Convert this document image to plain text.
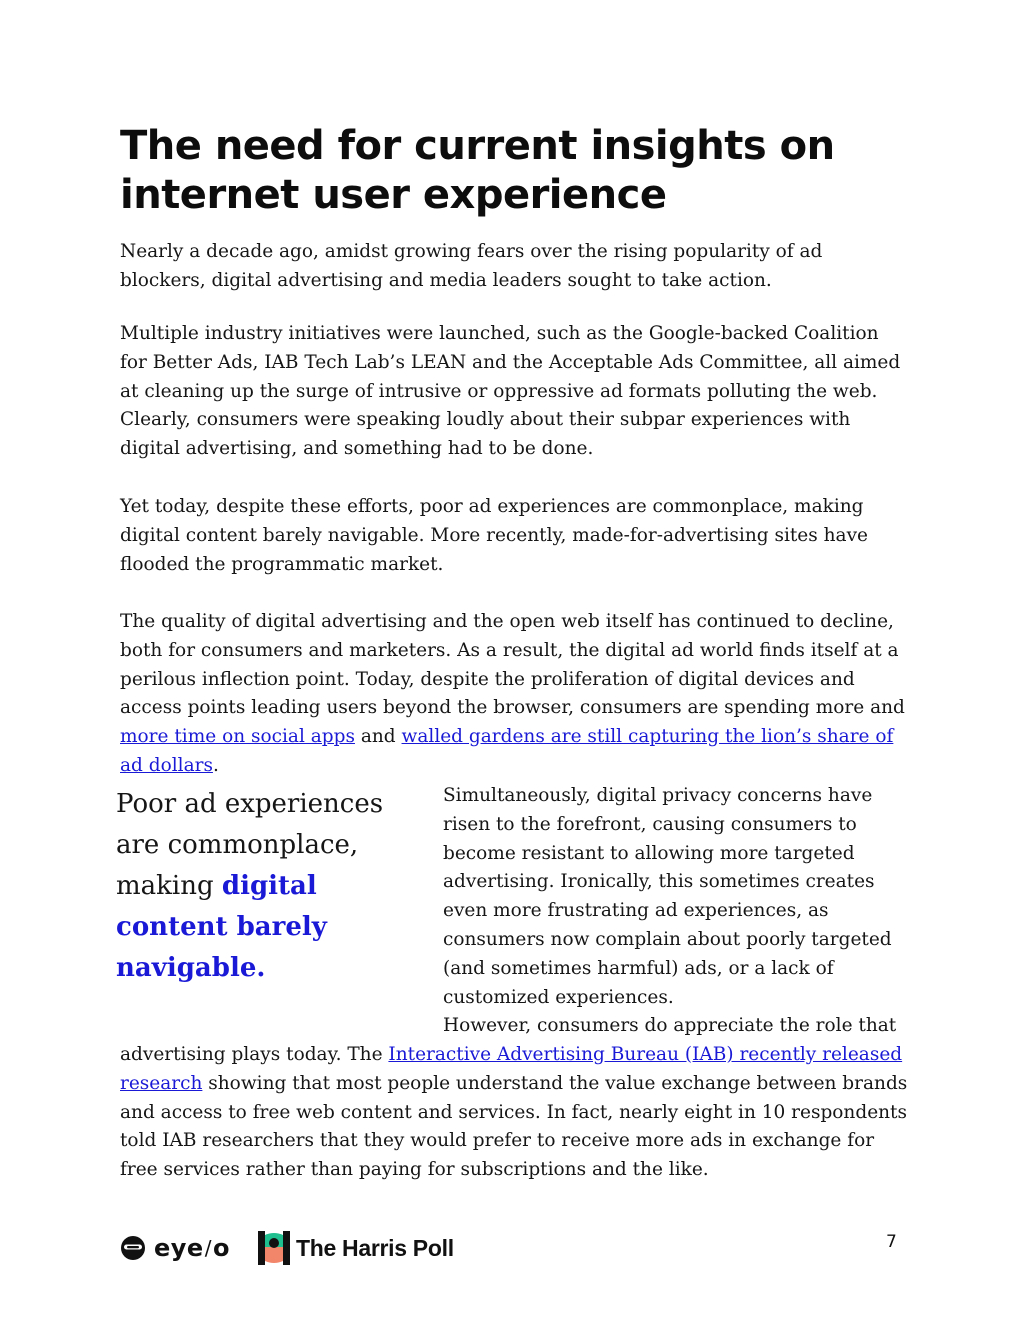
The need for current insights on internet user experience

Nearly a decade ago, amidst growing fears over the rising popularity of ad blockers, digital advertising and media leaders sought to take action.

Multiple industry initiatives were launched, such as the Google-backed Coalition for Better Ads, IAB Tech Lab’s LEAN and the Acceptable Ads Committee, all aimed at cleaning up the surge of intrusive or oppressive ad formats polluting the web. Clearly, consumers were speaking loudly about their subpar experiences with digital advertising, and something had to be done.

Yet today, despite these efforts, poor ad experiences are commonplace, making digital content barely navigable. More recently, made-for-advertising sites have flooded the programmatic market.

The quality of digital advertising and the open web itself has continued to decline, both for consumers and marketers. As a result, the digital ad world finds itself at a perilous inflection point. Today, despite the proliferation of digital devices and access points leading users beyond the browser, consumers are spending more and more time on social apps and walled gardens are still capturing the lion’s share of ad dollars.

Poor ad experiences are commonplace, making digital content barely navigable.

Simultaneously, digital privacy concerns have risen to the forefront, causing consumers to become resistant to allowing more targeted advertising. Ironically, this sometimes creates even more frustrating ad experiences, as consumers now complain about poorly targeted (and sometimes harmful) ads, or a lack of customized experiences.

However, consumers do appreciate the role that

advertising plays today. The Interactive Advertising Bureau (IAB) recently released research showing that most people understand the value exchange between brands and access to free web content and services. In fact, nearly eight in 10 respondents told IAB researchers that they would prefer to receive more ads in exchange for free services rather than paying for subscriptions and the like.

eye / o	The Harris Poll	7
